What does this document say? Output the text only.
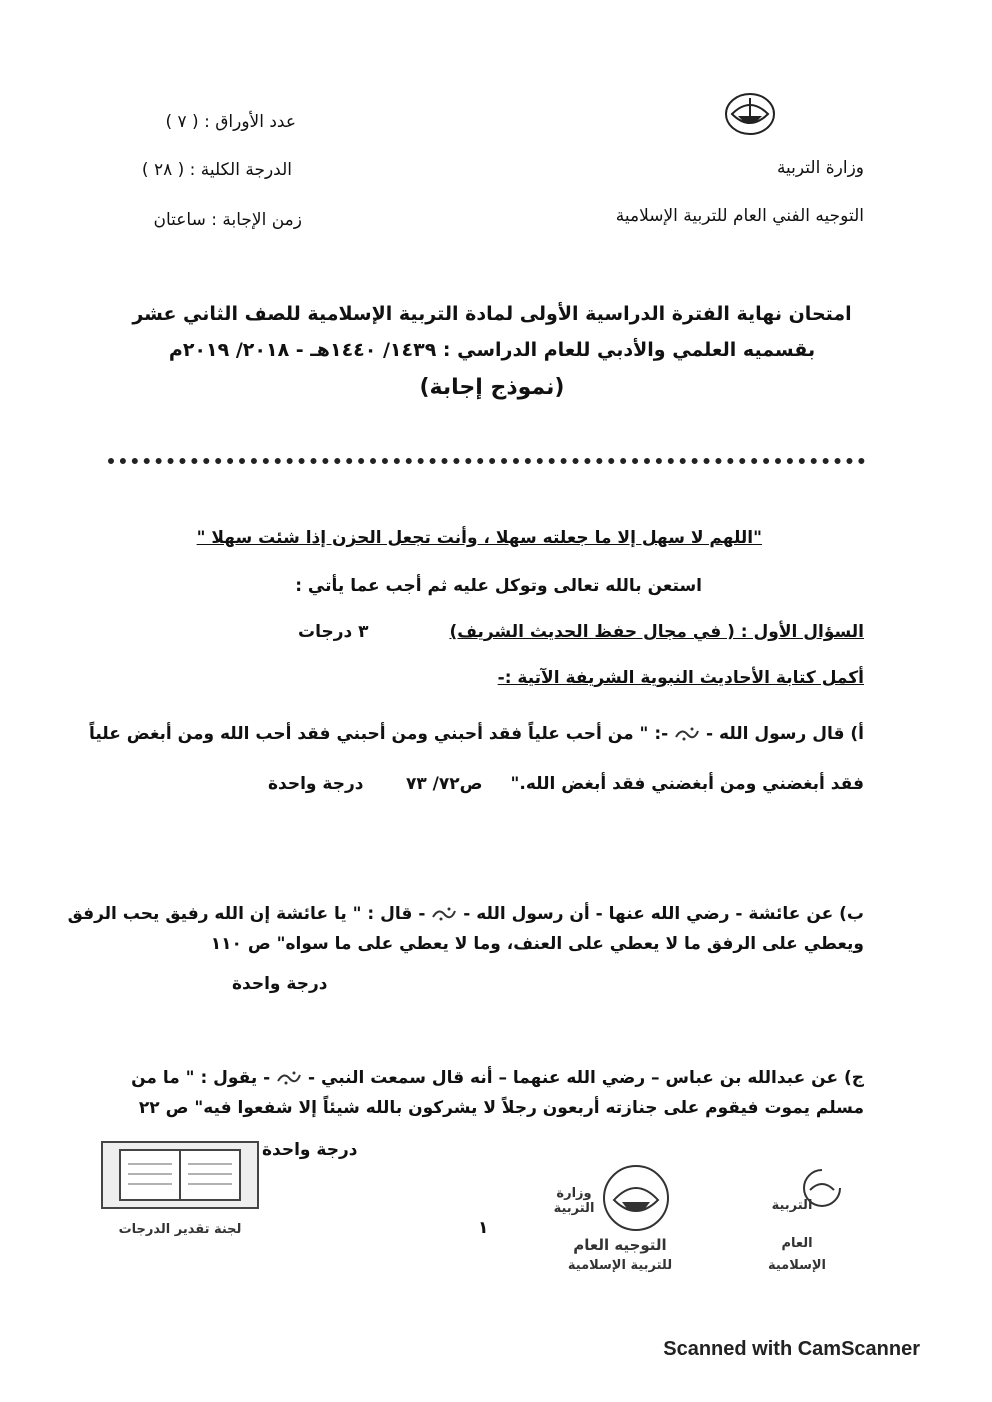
وزارة التربية
التوجيه الفني العام للتربية الإسلامية
عدد الأوراق : ( ٧ )
الدرجة الكلية : ( ٢٨ )
زمن الإجابة : ساعتان
امتحان نهاية الفترة الدراسية الأولى لمادة التربية الإسلامية للصف الثاني عشر
بقسميه العلمي والأدبي للعام الدراسي : ١٤٣٩/ ١٤٤٠هـ - ٢٠١٨/ ٢٠١٩م
(نموذج إجابة)
"اللهم لا سهل إلا ما جعلته سهلا ، وأنت تجعل الحزن إذا شئت سهلا "
استعن بالله تعالى وتوكل عليه ثم أجب عما يأتي :
السؤال الأول : ( في مجال حفظ الحديث الشريف)
٣ درجات
أكمل كتابة الأحاديث النبوية الشريفة الآتية :-
أ) قال رسول الله -  -: " من أحب علياً فقد أحبني ومن أحبني فقد أحب الله ومن أبغض علياً
فقد أبغضني ومن أبغضني فقد أبغض الله."
ص٧٢/ ٧٣
درجة واحدة
ب) عن عائشة - رضي الله عنها - أن رسول الله -  - قال : " يا عائشة إن الله رفيق يحب الرفق
ويعطي على الرفق ما لا يعطي على العنف، وما لا يعطي على ما سواه" ص ١١٠
درجة واحدة
ج) عن عبدالله بن عباس – رضي الله عنهما – أنه قال سمعت النبي -  - يقول : " ما من
مسلم يموت فيقوم على جنازته أربعون رجلاً لا يشركون بالله شيئاً إلا شفعوا فيه" ص ٢٢
درجة واحدة
لجنة تقدير الدرجات
وزارة التربية
التوجيه العام
للتربية الإسلامية
١
التربية
العام
الإسلامية
Scanned with CamScanner
